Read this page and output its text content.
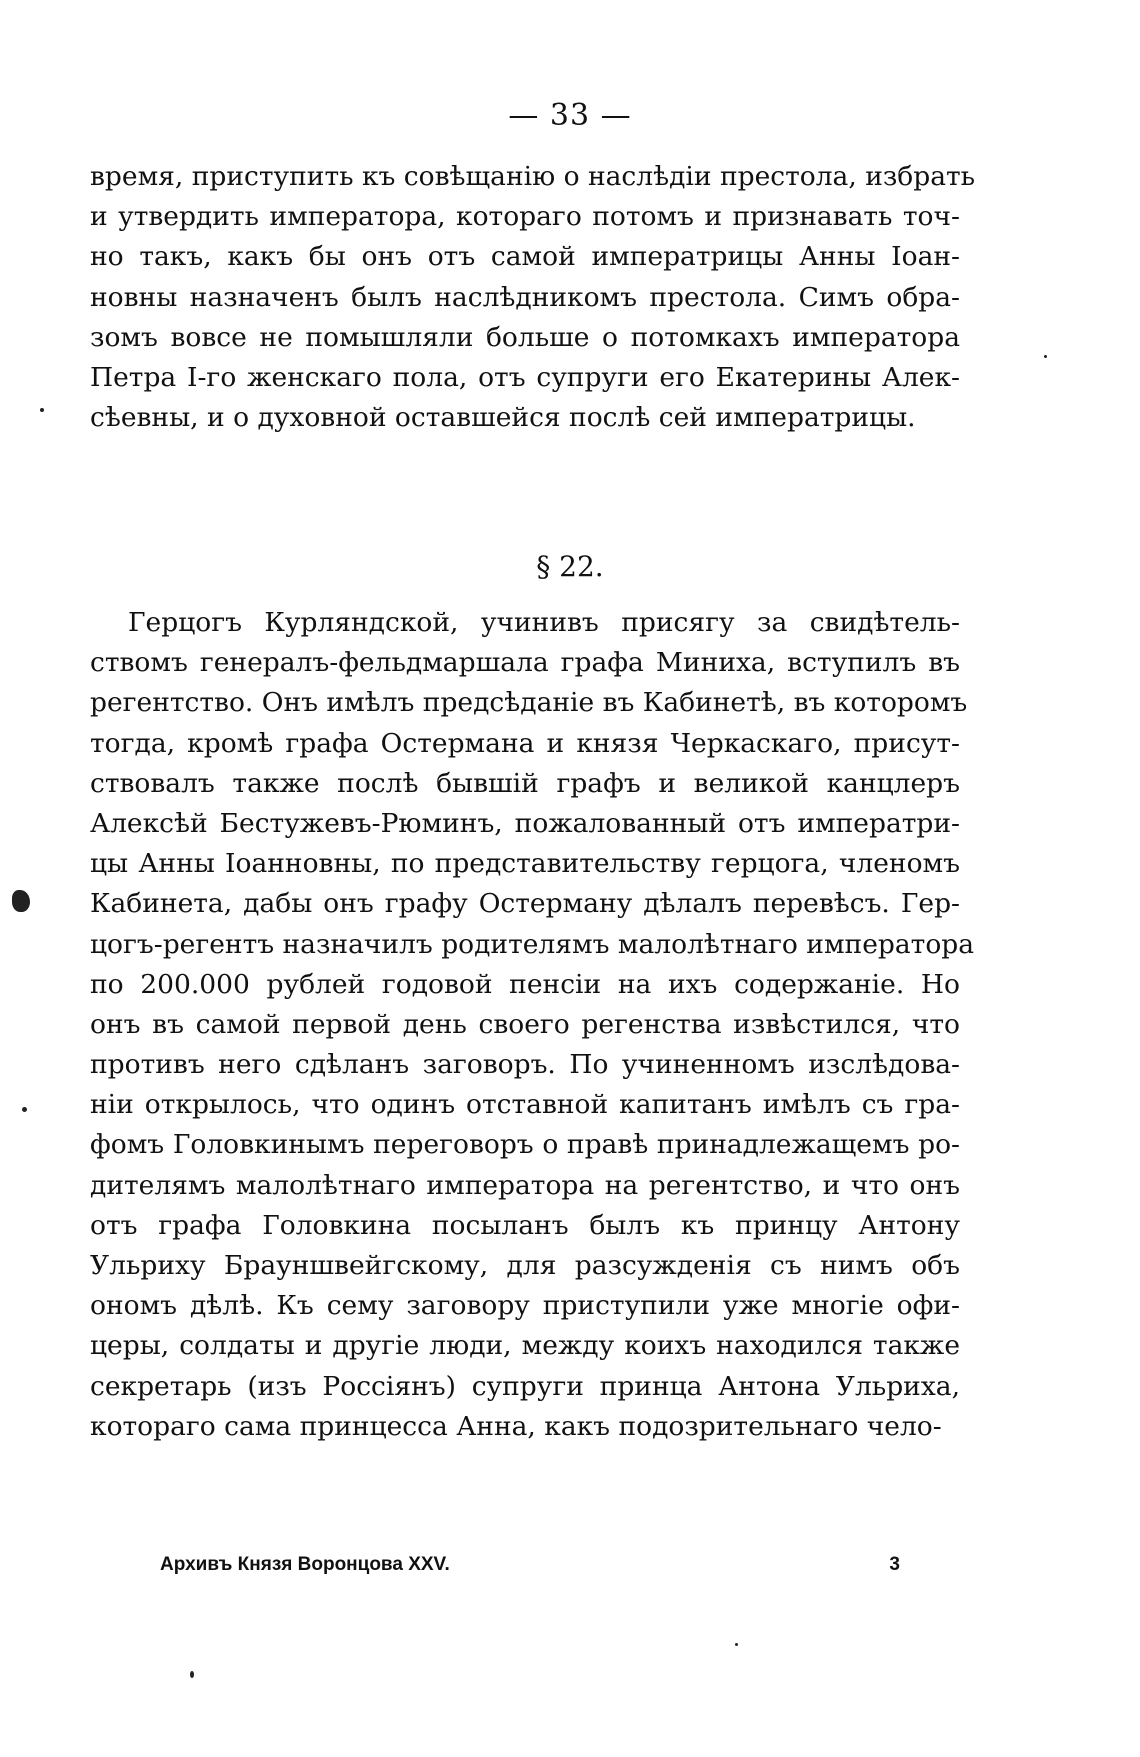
— 33 —
время, приступить къ совѣщанію о наслѣдіи престола, избрать
и утвердить императора, котораго потомъ и признавать точ-
но такъ, какъ бы онъ отъ самой императрицы Анны Іоан-
новны назначенъ былъ наслѣдникомъ престола. Симъ обра-
зомъ вовсе не помышляли больше о потомкахъ императора
Петра І-го женскаго пола, отъ супруги его Екатерины Алек-
сѣевны, и о духовной оставшейся послѣ сей императрицы.
§ 22.
Герцогъ Курляндской, учинивъ присягу за свидѣтель-
ствомъ генералъ-фельдмаршала графа Миниха, вступилъ въ
регентство. Онъ имѣлъ предсѣданіе въ Кабинетѣ, въ которомъ
тогда, кромѣ графа Остермана и князя Черкаскаго, присут-
ствовалъ также послѣ бывшій графъ и великой канцлеръ
Алексѣй Бестужевъ-Рюминъ, пожалованный отъ императри-
цы Анны Іоанновны, по представительству герцога, членомъ
Кабинета, дабы онъ графу Остерману дѣлалъ перевѣсъ. Гер-
цогъ-регентъ назначилъ родителямъ малолѣтнаго императора
по 200.000 рублей годовой пенсіи на ихъ содержаніе. Но
онъ въ самой первой день своего регенства извѣстился, что
противъ него сдѣланъ заговоръ. По учиненномъ изслѣдова-
ніи открылось, что одинъ отставной капитанъ имѣлъ съ гра-
фомъ Головкинымъ переговоръ о правѣ принадлежащемъ ро-
дителямъ малолѣтнаго императора на регентство, и что онъ
отъ графа Головкина посыланъ былъ къ принцу Антону
Ульриху Брауншвейгскому, для разсужденія съ нимъ объ
ономъ дѣлѣ. Къ сему заговору приступили уже многіе офи-
церы, солдаты и другіе люди, между коихъ находился также
секретарь (изъ Россіянъ) супруги принца Антона Ульриха,
котораго сама принцесса Анна, какъ подозрительнаго чело-
Архивъ Князя Воронцова XXV.	3
